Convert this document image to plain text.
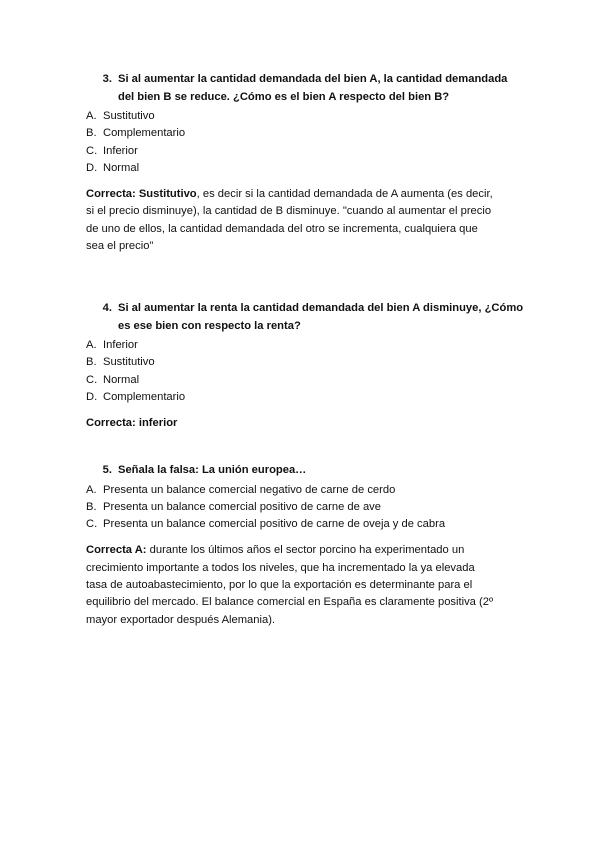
3. Si al aumentar la cantidad demandada del bien A, la cantidad demandada del bien B se reduce. ¿Cómo es el bien A respecto del bien B?
A. Sustitutivo
B. Complementario
C. Inferior
D. Normal
Correcta: Sustitutivo, es decir si la cantidad demandada de A aumenta (es decir, si el precio disminuye), la cantidad de B disminuye. "cuando al aumentar el precio de uno de ellos, la cantidad demandada del otro se incrementa, cualquiera que sea el precio"
4. Si al aumentar la renta la cantidad demandada del bien A disminuye, ¿Cómo es ese bien con respecto la renta?
A. Inferior
B. Sustitutivo
C. Normal
D. Complementario
Correcta: inferior
5. Señala la falsa: La unión europea…
A. Presenta un balance comercial negativo de carne de cerdo
B. Presenta un balance comercial positivo de carne de ave
C. Presenta un balance comercial positivo de carne de oveja y de cabra
Correcta A: durante los últimos años el sector porcino ha experimentado un crecimiento importante a todos los niveles, que ha incrementado la ya elevada tasa de autoabastecimiento, por lo que la exportación es determinante para el equilibrio del mercado. El balance comercial en España es claramente positiva (2º mayor exportador después Alemania).
